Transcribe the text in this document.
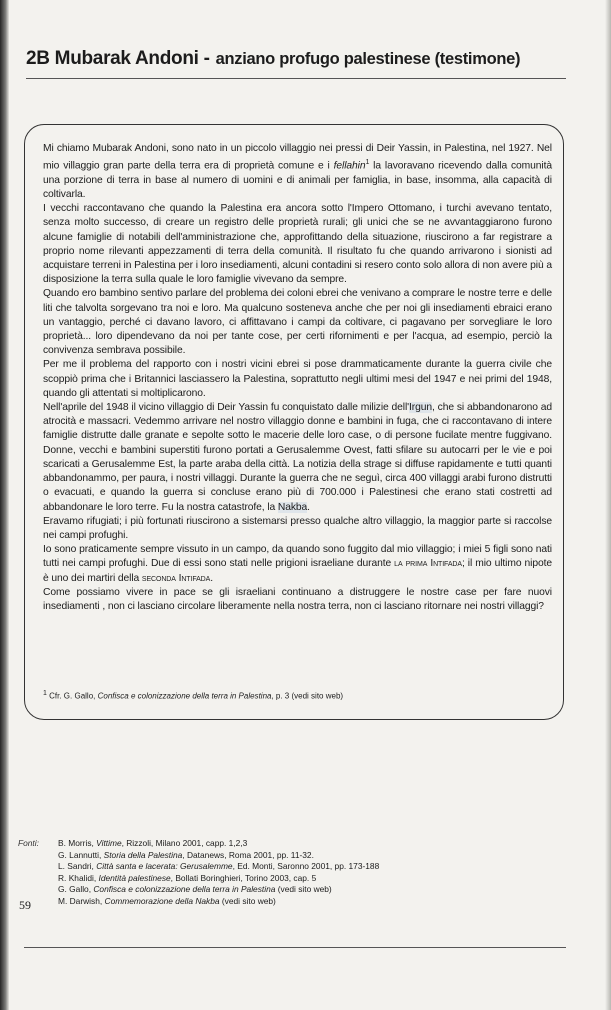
2B Mubarak Andoni - anziano profugo palestinese (testimone)

Mi chiamo Mubarak Andoni, sono nato in un piccolo villaggio nei pressi di Deir Yassin, in Palestina, nel 1927. Nel mio villaggio gran parte della terra era di proprietà comune e i fellahin$^1$ la lavoravano ricevendo dalla comunità una porzione di terra in base al numero di uomini e di animali per famiglia, in base, insomma, alla capacità di coltivarla.

I vecchi raccontavano che quando la Palestina era ancora sotto l'Impero Ottomano, i turchi avevano tentato, senza molto successo, di creare un registro delle proprietà rurali; gli unici che se ne avvantaggiarono furono alcune famiglie di notabili dell'amministrazione che, approfittando della situazione, riuscirono a far registrare a proprio nome rilevanti appezzamenti di terra della comunità. Il risultato fu che quando arrivarono i sionisti ad acquistare terreni in Palestina per i loro insediamenti, alcuni contadini si resero conto solo allora di non avere più a disposizione la terra sulla quale le loro famiglie vivevano da sempre.

Quando ero bambino sentivo parlare del problema dei coloni ebrei che venivano a comprare le nostre terre e delle liti che talvolta sorgevano tra noi e loro. Ma qualcuno sosteneva anche che per noi gli insediamenti ebraici erano un vantaggio, perché ci davano lavoro, ci affittavano i campi da coltivare, ci pagavano per sorvegliare le loro proprietà... loro dipendevano da noi per tante cose, per certi rifornimenti e per l'acqua, ad esempio, perciò la convivenza sembrava possibile.

Per me il problema del rapporto con i nostri vicini ebrei si pose drammaticamente durante la guerra civile che scoppiò prima che i Britannici lasciassero la Palestina, soprattutto negli ultimi mesi del 1947 e nei primi del 1948, quando gli attentati si moltiplicarono.

Nell'aprile del 1948 il vicino villaggio di Deir Yassin fu conquistato dalle milizie dell'Irgun, che si abbandonarono ad atrocità e massacri. Vedemmo arrivare nel nostro villaggio donne e bambini in fuga, che ci raccontavano di intere famiglie distrutte dalle granate e sepolte sotto le macerie delle loro case, o di persone fucilate mentre fuggivano. Donne, vecchi e bambini superstiti furono portati a Gerusalemme Ovest, fatti sfilare su autocarri per le vie e poi scaricati a Gerusalemme Est, la parte araba della città. La notizia della strage si diffuse rapidamente e tutti quanti abbandonammo, per paura, i nostri villaggi. Durante la guerra che ne seguì, circa 400 villaggi arabi furono distrutti o evacuati, e quando la guerra si concluse erano più di 700.000 i Palestinesi che erano stati costretti ad abbandonare le loro terre. Fu la nostra catastrofe, la Nakba.

Eravamo rifugiati; i più fortunati riuscirono a sistemarsi presso qualche altro villaggio, la maggior parte si raccolse nei campi profughi.

Io sono praticamente sempre vissuto in un campo, da quando sono fuggito dal mio villaggio; i miei 5 figli sono nati tutti nei campi profughi. Due di essi sono stati nelle prigioni israeliane durante la prima Intifada; il mio ultimo nipote è uno dei martiri della seconda Intifada.

Come possiamo vivere in pace se gli israeliani continuano a distruggere le nostre case per fare nuovi insediamenti , non ci lasciano circolare liberamente nella nostra terra, non ci lasciano ritornare nei nostri villaggi?

$^1$ Cfr. G. Gallo, Confisca e colonizzazione della terra in Palestina, p. 3 (vedi sito web)
Fonti:	B. Morris, Vittime, Rizzoli, Milano 2001, capp. 1,2,3
G. Lannutti, Storia della Palestina, Datanews, Roma 2001, pp. 11-32.
L. Sandri, Città santa e lacerata: Gerusalemme, Ed. Monti, Saronno 2001, pp. 173-188
R. Khalidi, Identità palestinese, Bollati Boringhieri, Torino 2003, cap. 5
G. Gallo, Confisca e colonizzazione della terra in Palestina (vedi sito web)
M. Darwish, Commemorazione della Nakba (vedi sito web)
59
